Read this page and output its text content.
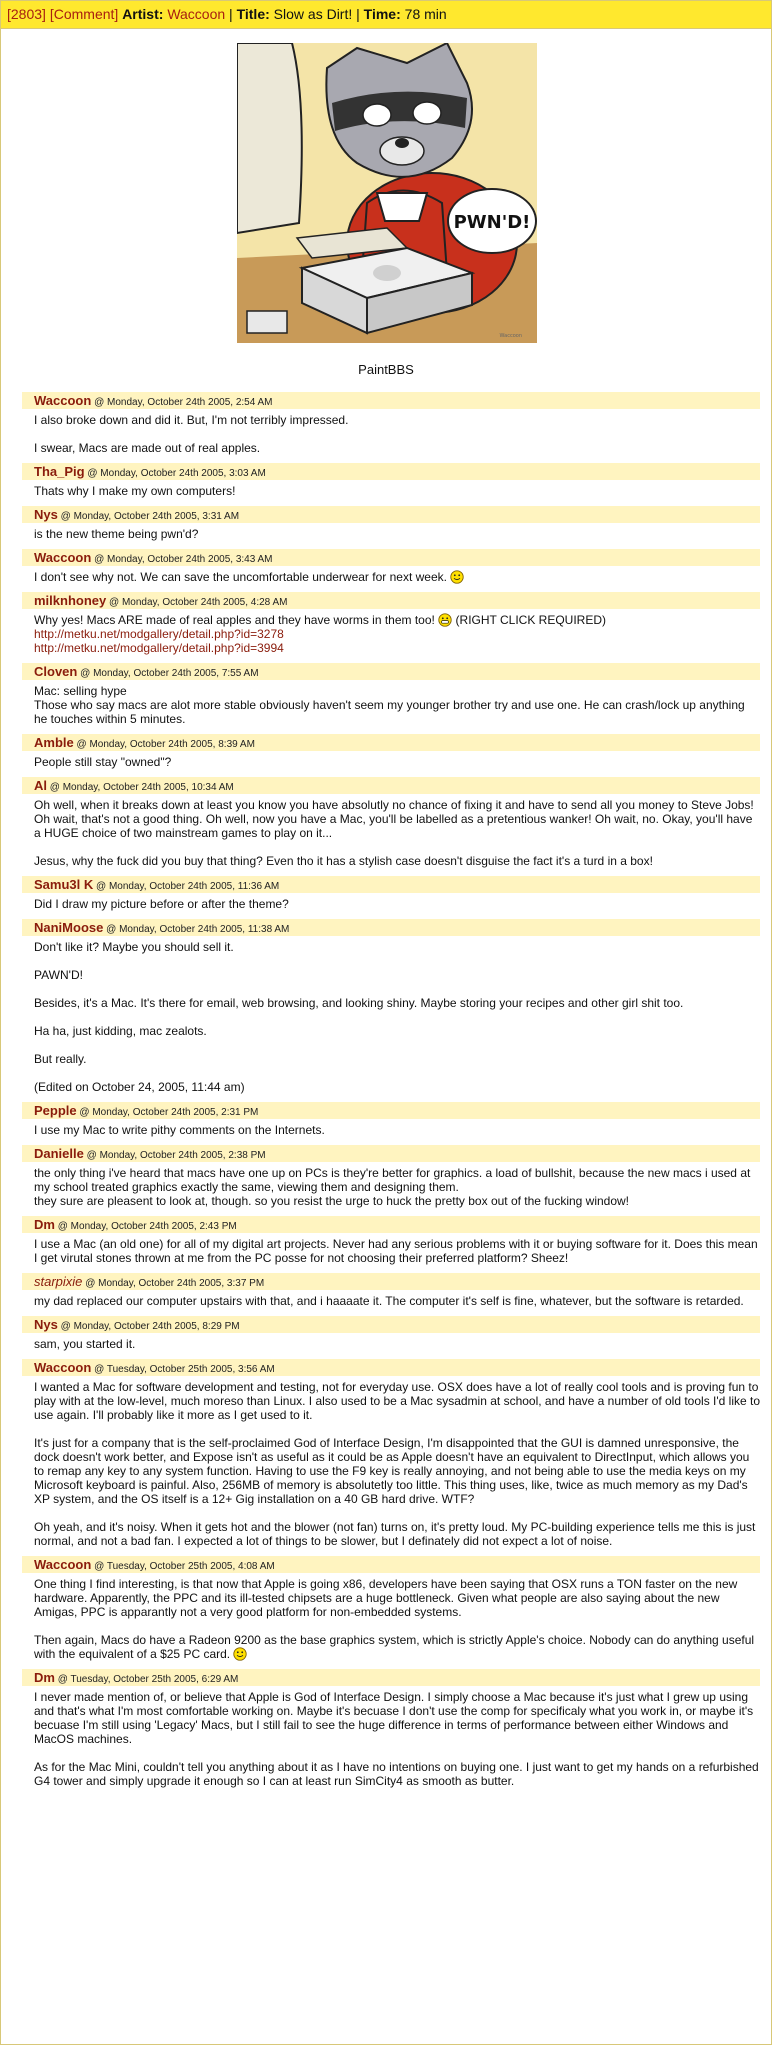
[2803] [Comment] Artist: Waccoon | Title: Slow as Dirt! | Time: 78 min
PWN'D!
Waccoon
PaintBBS
Waccoon @ Monday, October 24th 2005, 2:54 AM

I also broke down and did it. But, I'm not terribly impressed.

I swear, Macs are made out of real apples.

Tha_Pig @ Monday, October 24th 2005, 3:03 AM

Thats why I make my own computers!

Nys @ Monday, October 24th 2005, 3:31 AM

is the new theme being pwn'd?

Waccoon @ Monday, October 24th 2005, 3:43 AM

I don't see why not. We can save the uncomfortable underwear for next week.

milknhoney @ Monday, October 24th 2005, 4:28 AM

Why yes! Macs ARE made of real apples and they have worms in them too! (RIGHT CLICK REQUIRED)

http://metku.net/modgallery/detail.php?id=3278

http://metku.net/modgallery/detail.php?id=3994

Cloven @ Monday, October 24th 2005, 7:55 AM

Mac: selling hype

Those who say macs are alot more stable obviously haven't seem my younger brother try and use one. He can crash/lock up anything he touches within 5 minutes.

Amble @ Monday, October 24th 2005, 8:39 AM

People still stay "owned"?

Al @ Monday, October 24th 2005, 10:34 AM

Oh well, when it breaks down at least you know you have absolutly no chance of fixing it and have to send all you money to Steve Jobs! Oh wait, that's not a good thing. Oh well, now you have a Mac, you'll be labelled as a pretentious wanker! Oh wait, no. Okay, you'll have a HUGE choice of two mainstream games to play on it...

Jesus, why the fuck did you buy that thing? Even tho it has a stylish case doesn't disguise the fact it's a turd in a box!

Samu3l K @ Monday, October 24th 2005, 11:36 AM

Did I draw my picture before or after the theme?

NaniMoose @ Monday, October 24th 2005, 11:38 AM

Don't like it? Maybe you should sell it.

PAWN'D!

Besides, it's a Mac. It's there for email, web browsing, and looking shiny. Maybe storing your recipes and other girl shit too.

Ha ha, just kidding, mac zealots.

But really.

(Edited on October 24, 2005, 11:44 am)

Pepple @ Monday, October 24th 2005, 2:31 PM

I use my Mac to write pithy comments on the Internets.

Danielle @ Monday, October 24th 2005, 2:38 PM

the only thing i've heard that macs have one up on PCs is they're better for graphics. a load of bullshit, because the new macs i used at my school treated graphics exactly the same, viewing them and designing them.

they sure are pleasent to look at, though. so you resist the urge to huck the pretty box out of the fucking window!

Dm @ Monday, October 24th 2005, 2:43 PM

I use a Mac (an old one) for all of my digital art projects. Never had any serious problems with it or buying software for it. Does this mean I get virutal stones thrown at me from the PC posse for not choosing their preferred platform? Sheez!

starpixie @ Monday, October 24th 2005, 3:37 PM

my dad replaced our computer upstairs with that, and i haaaate it. The computer it's self is fine, whatever, but the software is retarded.

Nys @ Monday, October 24th 2005, 8:29 PM

sam, you started it.

Waccoon @ Tuesday, October 25th 2005, 3:56 AM

I wanted a Mac for software development and testing, not for everyday use. OSX does have a lot of really cool tools and is proving fun to play with at the low-level, much moreso than Linux. I also used to be a Mac sysadmin at school, and have a number of old tools I'd like to use again. I'll probably like it more as I get used to it.

It's just for a company that is the self-proclaimed God of Interface Design, I'm disappointed that the GUI is damned unresponsive, the dock doesn't work better, and Expose isn't as useful as it could be as Apple doesn't have an equivalent to DirectInput, which allows you to remap any key to any system function. Having to use the F9 key is really annoying, and not being able to use the media keys on my Microsoft keyboard is painful. Also, 256MB of memory is absolutetly too little. This thing uses, like, twice as much memory as my Dad's XP system, and the OS itself is a 12+ Gig installation on a 40 GB hard drive. WTF?

Oh yeah, and it's noisy. When it gets hot and the blower (not fan) turns on, it's pretty loud. My PC-building experience tells me this is just normal, and not a bad fan. I expected a lot of things to be slower, but I definately did not expect a lot of noise.

Waccoon @ Tuesday, October 25th 2005, 4:08 AM

One thing I find interesting, is that now that Apple is going x86, developers have been saying that OSX runs a TON faster on the new hardware. Apparently, the PPC and its ill-tested chipsets are a huge bottleneck. Given what people are also saying about the new Amigas, PPC is apparantly not a very good platform for non-embedded systems.

Then again, Macs do have a Radeon 9200 as the base graphics system, which is strictly Apple's choice. Nobody can do anything useful with the equivalent of a $25 PC card.

Dm @ Tuesday, October 25th 2005, 6:29 AM

I never made mention of, or believe that Apple is God of Interface Design. I simply choose a Mac because it's just what I grew up using and that's what I'm most comfortable working on. Maybe it's becuase I don't use the comp for specificaly what you work in, or maybe it's becuase I'm still using 'Legacy' Macs, but I still fail to see the huge difference in terms of performance between either Windows and MacOS machines.

As for the Mac Mini, couldn't tell you anything about it as I have no intentions on buying one. I just want to get my hands on a refurbished G4 tower and simply upgrade it enough so I can at least run SimCity4 as smooth as butter.
